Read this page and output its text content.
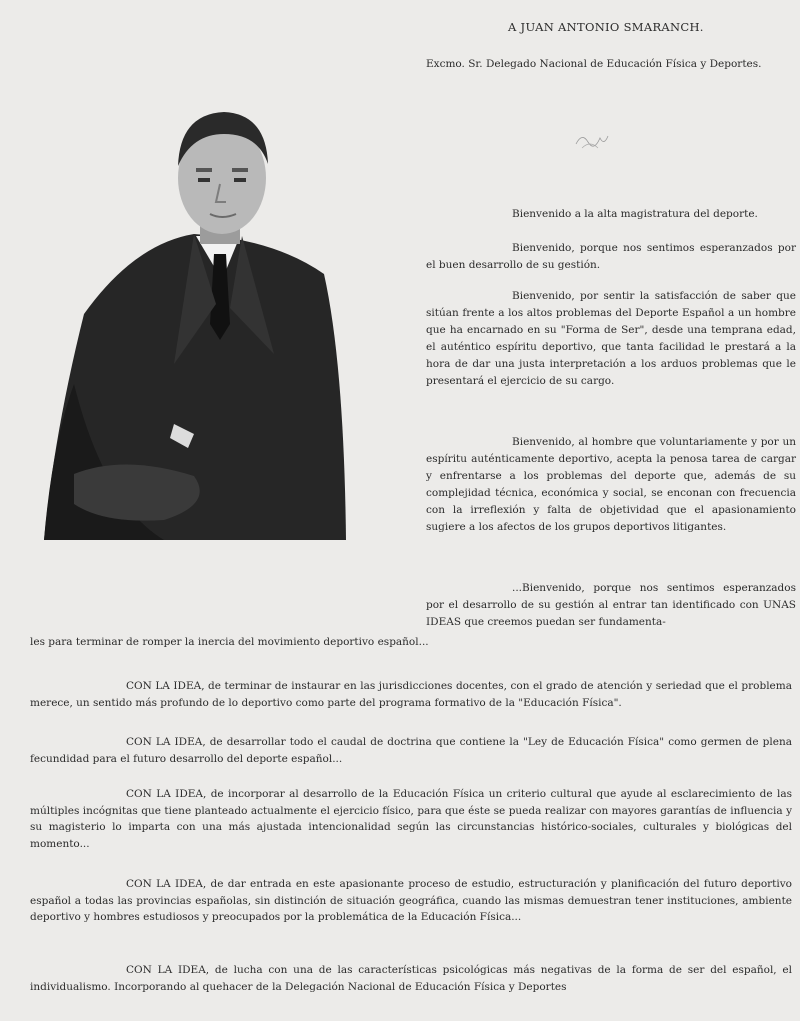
A JUAN ANTONIO SMARANCH.
Excmo. Sr. Delegado Nacional de Educación Física y Deportes.

Bienvenido a la alta magistratura del deporte.

Bienvenido, porque nos sentimos esperanzados por el buen desarrollo de su gestión.

Bienvenido, por sentir la satisfacción de saber que sitúan frente a los altos problemas del Deporte Español a un hombre que ha encarnado en su "Forma de Ser", desde una temprana edad, el auténtico espíritu deportivo, que tanta facilidad le prestará a la hora de dar una justa interpretación a los arduos problemas que le presentará el ejercicio de su cargo.

Bienvenido, al hombre que voluntariamente y por un espíritu auténticamente deportivo, acepta la penosa tarea de cargar y enfrentarse a los problemas del deporte que, además de su complejidad técnica, económica y social, se enconan con frecuencia con la irreflexión y falta de objetividad que el apasionamiento sugiere a los afectos de los grupos deportivos litigantes.

...Bienvenido, porque nos sentimos esperanzados por el desarrollo de su gestión al entrar tan identificado con UNAS IDEAS que creemos puedan ser fundamenta-

les para terminar de romper la inercia del movimiento deportivo español...

CON LA IDEA, de terminar de instaurar en las jurisdicciones docentes, con el grado de atención y seriedad que el problema merece, un sentido más profundo de lo deportivo como parte del programa formativo de la "Educación Física".

CON LA IDEA, de desarrollar todo el caudal de doctrina que contiene la "Ley de Educación Física" como germen de plena fecundidad para el futuro desarrollo del deporte español...

CON LA IDEA, de incorporar al desarrollo de la Educación Física un criterio cultural que ayude al esclarecimiento de las múltiples incógnitas que tiene planteado actualmente el ejercicio físico, para que éste se pueda realizar con mayores garantías de influencia y su magisterio lo imparta con una más ajustada intencionalidad según las circunstancias histórico-sociales, culturales y biológicas del momento...

CON LA IDEA, de dar entrada en este apasionante proceso de estudio, estructuración y planificación del futuro deportivo español a todas las provincias españolas, sin distinción de situación geográfica, cuando las mismas demuestran tener instituciones, ambiente deportivo y hombres estudiosos y preocupados por la problemática de la Educación Física...

CON LA IDEA, de lucha con una de las características psicológicas más negativas de la forma de ser del español, el individualismo. Incorporando al quehacer de la Delegación Nacional de Educación Física y Deportes
